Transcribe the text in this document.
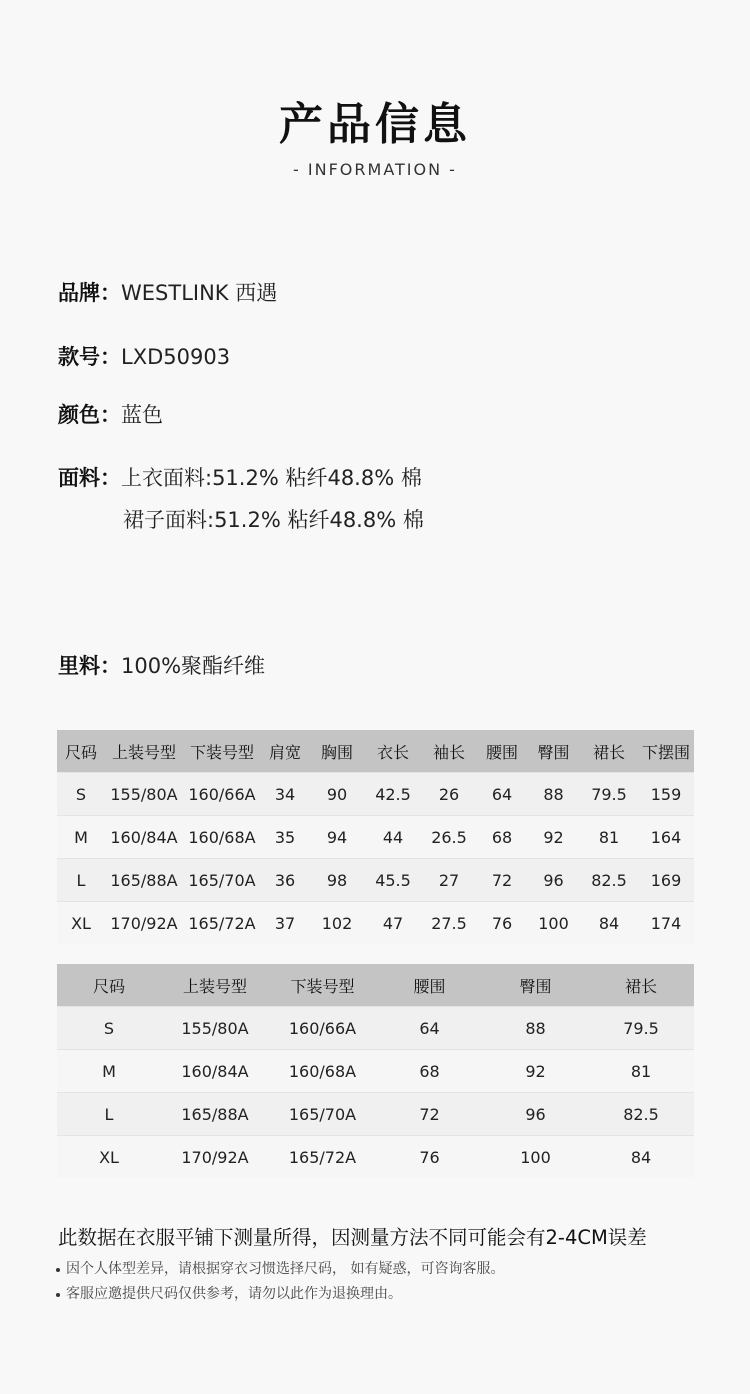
产品信息
- INFORMATION -
品牌：WESTLINK 西遇
款号：LXD50903
颜色：蓝色
面料：上衣面料:51.2% 粘纤48.8% 棉
裙子面料:51.2% 粘纤48.8% 棉
里料：100%聚酯纤维
尺码	上装号型	下装号型	肩宽	胸围	衣长	袖长	腰围	臀围	裙长	下摆围
S	155/80A	160/66A	34	90	42.5	26	64	88	79.5	159
M	160/84A	160/68A	35	94	44	26.5	68	92	81	164
L	165/88A	165/70A	36	98	45.5	27	72	96	82.5	169
XL	170/92A	165/72A	37	102	47	27.5	76	100	84	174
尺码	上装号型	下装号型	腰围	臀围	裙长
S	155/80A	160/66A	64	88	79.5
M	160/84A	160/68A	68	92	81
L	165/88A	165/70A	72	96	82.5
XL	170/92A	165/72A	76	100	84
此数据在衣服平铺下测量所得，因测量方法不同可能会有2-4CM误差
因个人体型差异，请根据穿衣习惯选择尺码， 如有疑惑，可咨询客服。
客服应邀提供尺码仅供参考，请勿以此作为退换理由。
